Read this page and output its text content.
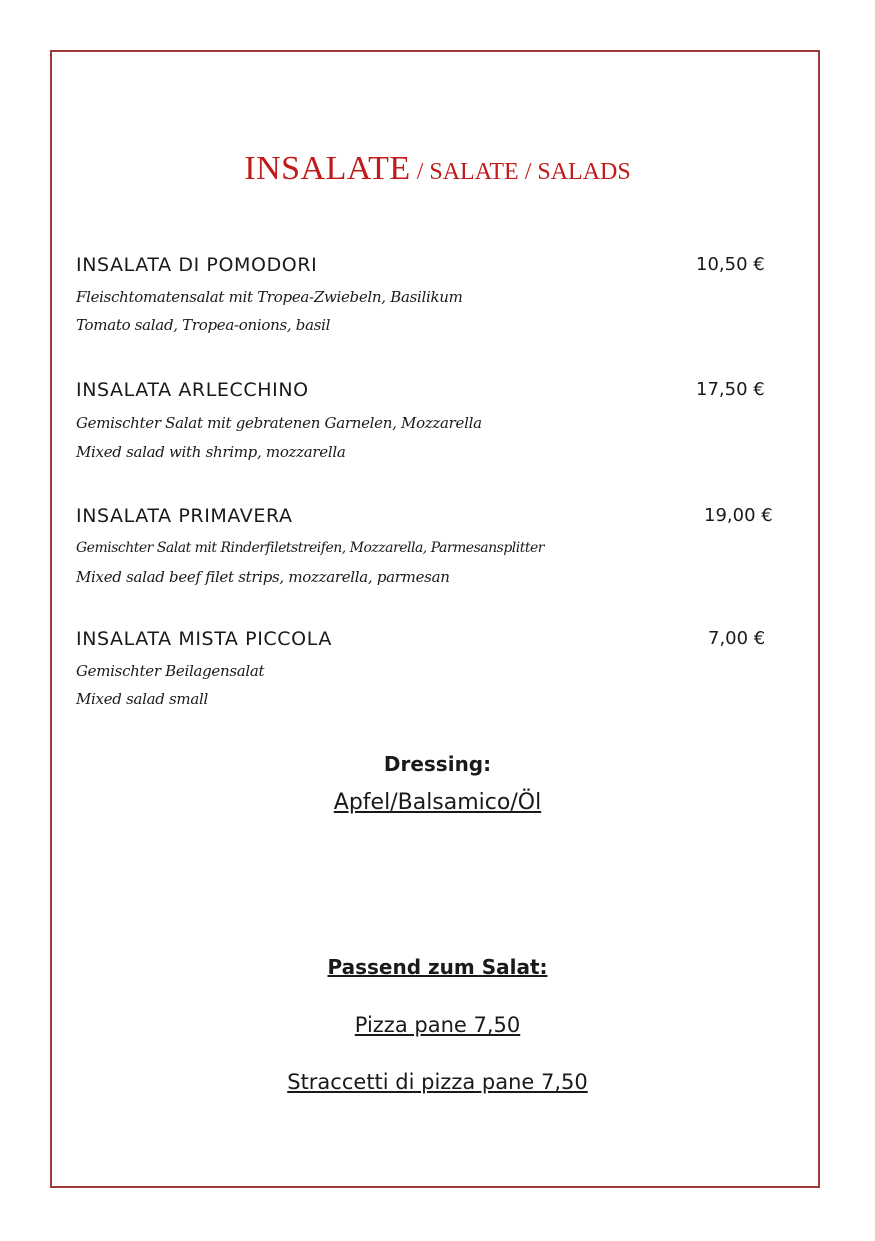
INSALATE / SALATE / SALADS
INSALATA DI POMODORI	10,50 €
Fleischtomatensalat mit Tropea-Zwiebeln, Basilikum
Tomato salad, Tropea-onions, basil
INSALATA ARLECCHINO	17,50 €
Gemischter Salat mit gebratenen Garnelen, Mozzarella
Mixed salad with shrimp, mozzarella
INSALATA PRIMAVERA	19,00 €
Gemischter Salat mit Rinderfiletstreifen, Mozzarella, Parmesansplitter
Mixed salad beef filet strips, mozzarella, parmesan
INSALATA MISTA PICCOLA	7,00 €
Gemischter Beilagensalat
Mixed salad small
Dressing:
Apfel/Balsamico/Öl
Passend zum Salat:
Pizza pane 7,50
Straccetti di pizza pane 7,50
